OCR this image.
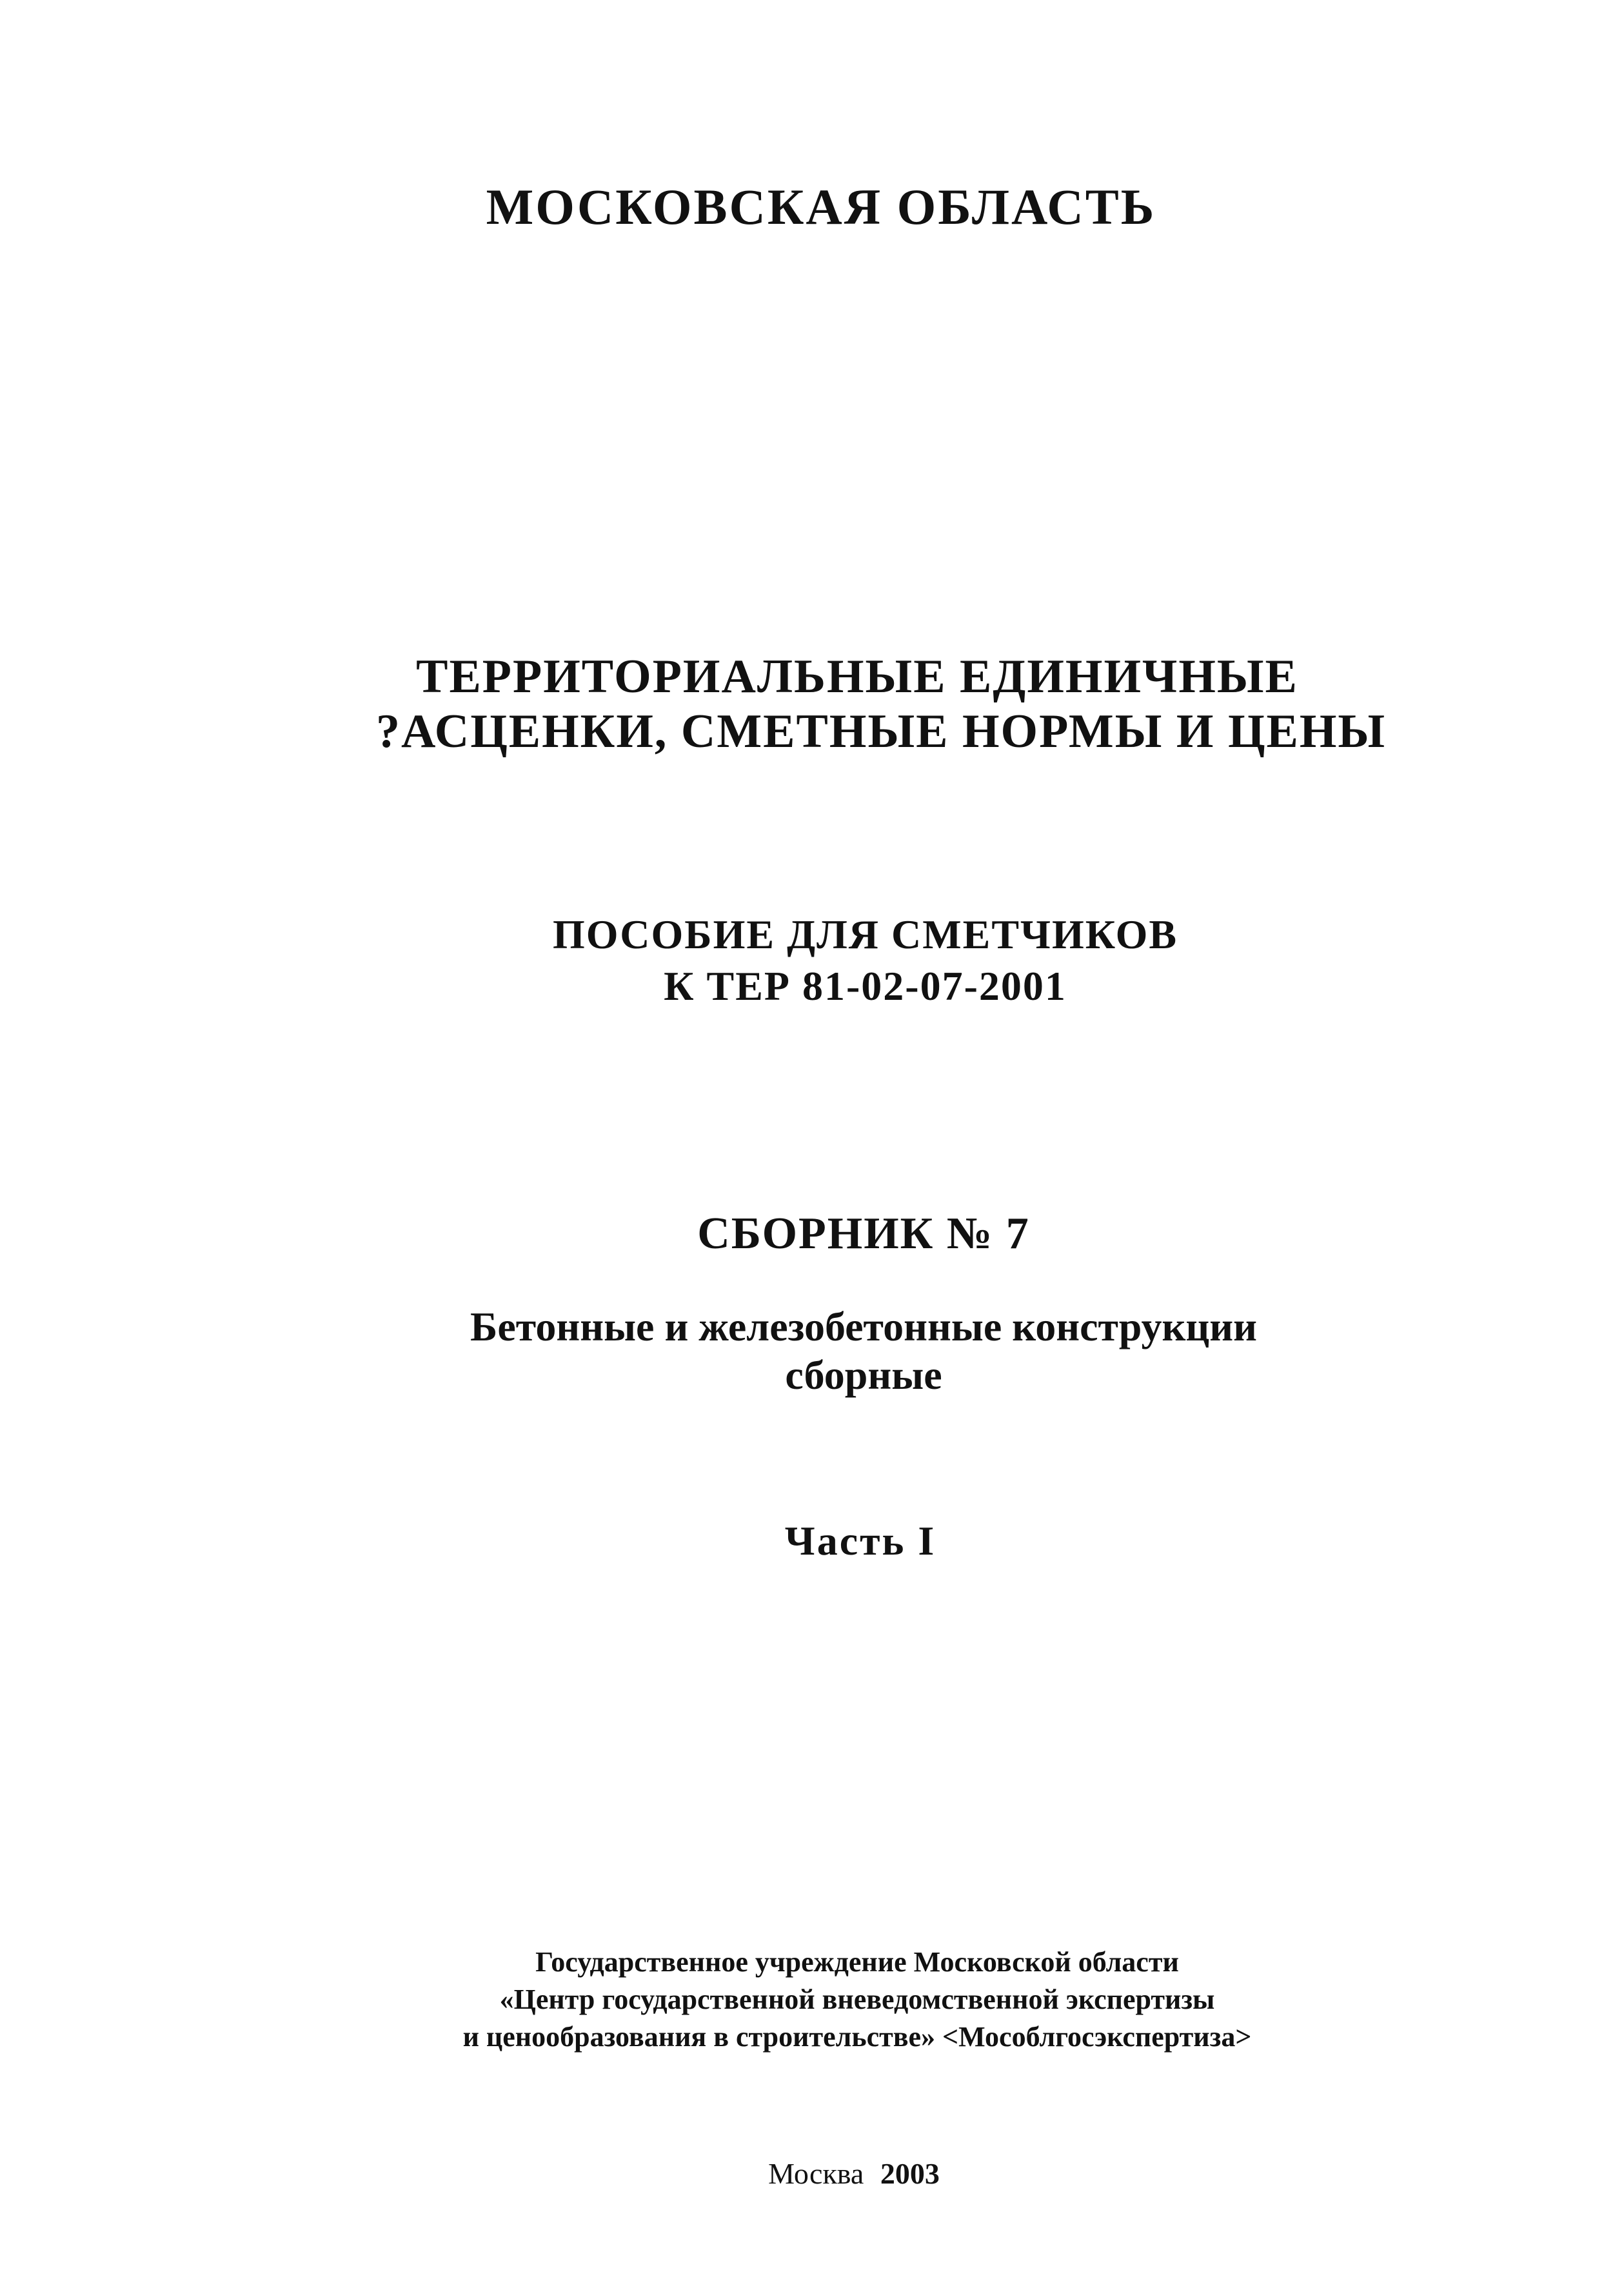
МОСКОВСКАЯ ОБЛАСТЬ

ТЕРРИТОРИАЛЬНЫЕ ЕДИНИЧНЫЕ

?АСЦЕНКИ, СМЕТНЫЕ НОРМЫ И ЦЕНЫ

ПОСОБИЕ ДЛЯ СМЕТЧИКОВ

К ТЕР 81-02-07-2001

СБОРНИК № 7

Бетонные и железобетонные конструкции

сборные

Часть I

Государственное учреждение Московской области

«Центр государственной вневедомственной экспертизы

и ценообразования в строительстве» <Мособлгосэкспертиза>

Москва 2003
